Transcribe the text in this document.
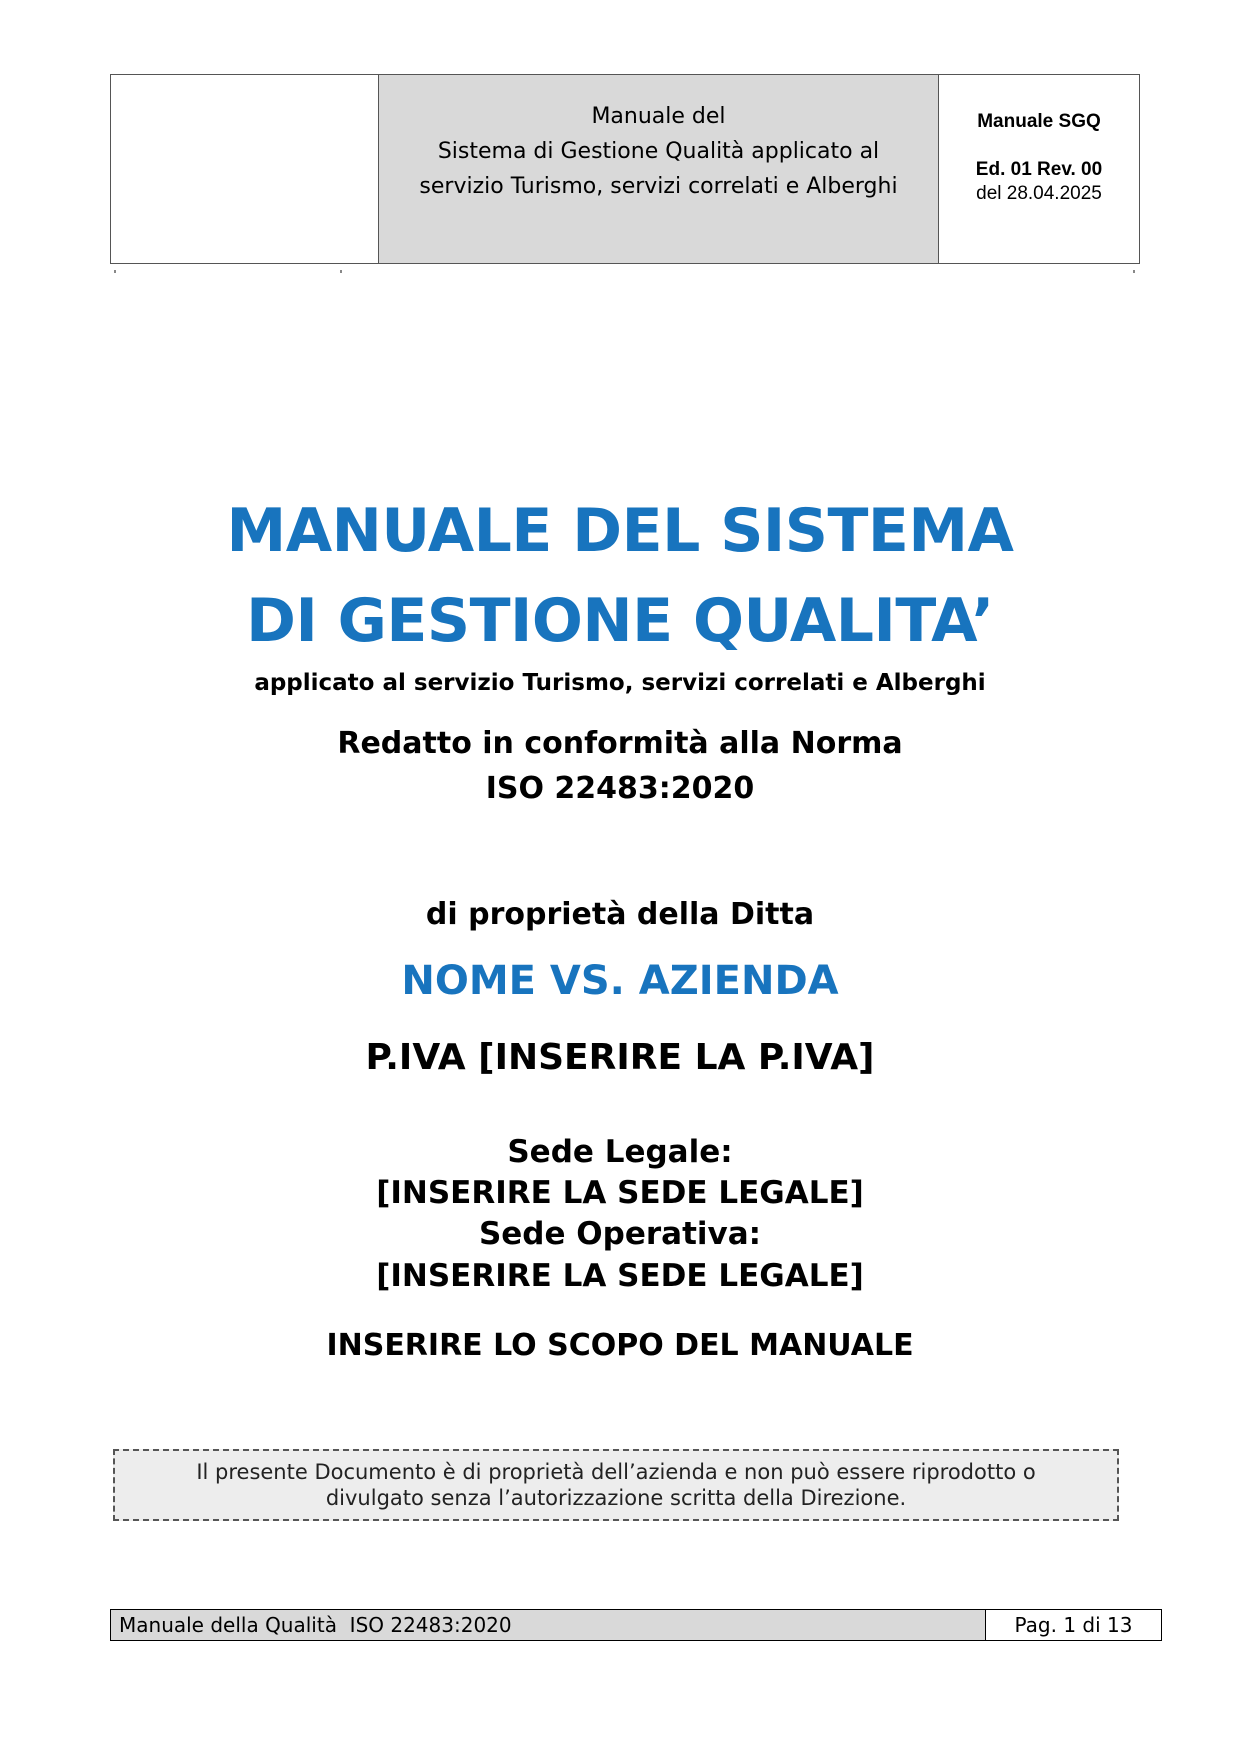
Manuale del
Sistema di Gestione Qualità applicato al
servizio Turismo, servizi correlati e Alberghi
Manuale SGQ
Ed. 01 Rev. 00
del 28.04.2025
MANUALE DEL SISTEMA
DI GESTIONE QUALITA’
applicato al servizio Turismo, servizi correlati e Alberghi
Redatto in conformità alla Norma
ISO 22483:2020
di proprietà della Ditta
NOME VS. AZIENDA
P.IVA [INSERIRE LA P.IVA]
Sede Legale:
[INSERIRE LA SEDE LEGALE]
Sede Operativa:
[INSERIRE LA SEDE LEGALE]
INSERIRE LO SCOPO DEL MANUALE
Il presente Documento è di proprietà dell’azienda e non può essere riprodotto o
divulgato senza l’autorizzazione scritta della Direzione.
Manuale della Qualità  ISO 22483:2020	Pag. 1 di 13
